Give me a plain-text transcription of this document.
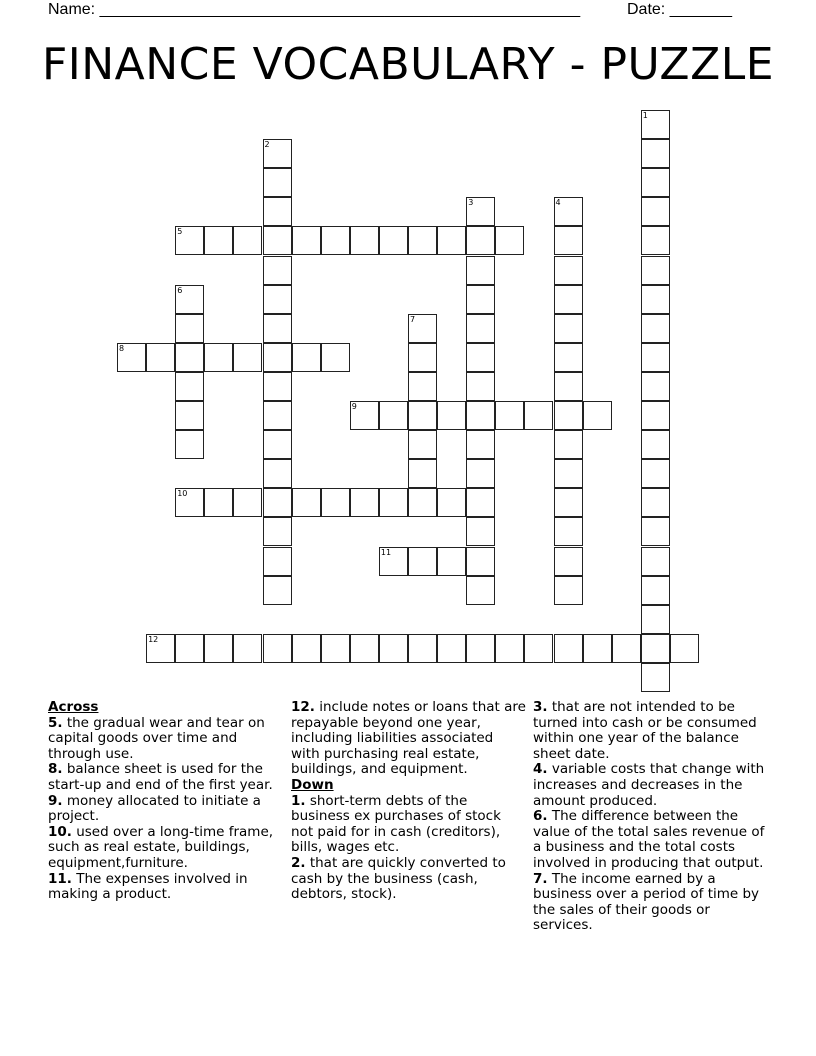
Name: ______________________________________________________	Date: _______
FINANCE VOCABULARY - PUZZLE
1
2
3	4
5
6
7
8
9
10
11
12
Across

5. the gradual wear and tear on capital goods over time and through use.

8. balance sheet is used for the start-up and end of the first year.

9. money allocated to initiate a project.

10. used over a long-time frame, such as real estate, buildings, equipment,furniture.

11. The expenses involved in making a product.

12. include notes or loans that are repayable beyond one year, including liabilities associated with purchasing real estate, buildings, and equipment.

Down

1. short-term debts of the business ex purchases of stock not paid for in cash (creditors), bills, wages etc.

2. that are quickly converted to cash by the business (cash, debtors, stock).

3. that are not intended to be turned into cash or be consumed within one year of the balance sheet date.

4. variable costs that change with increases and decreases in the amount produced.

6. The difference between the value of the total sales revenue of a business and the total costs involved in producing that output.

7. The income earned by a business over a period of time by the sales of their goods or services.
